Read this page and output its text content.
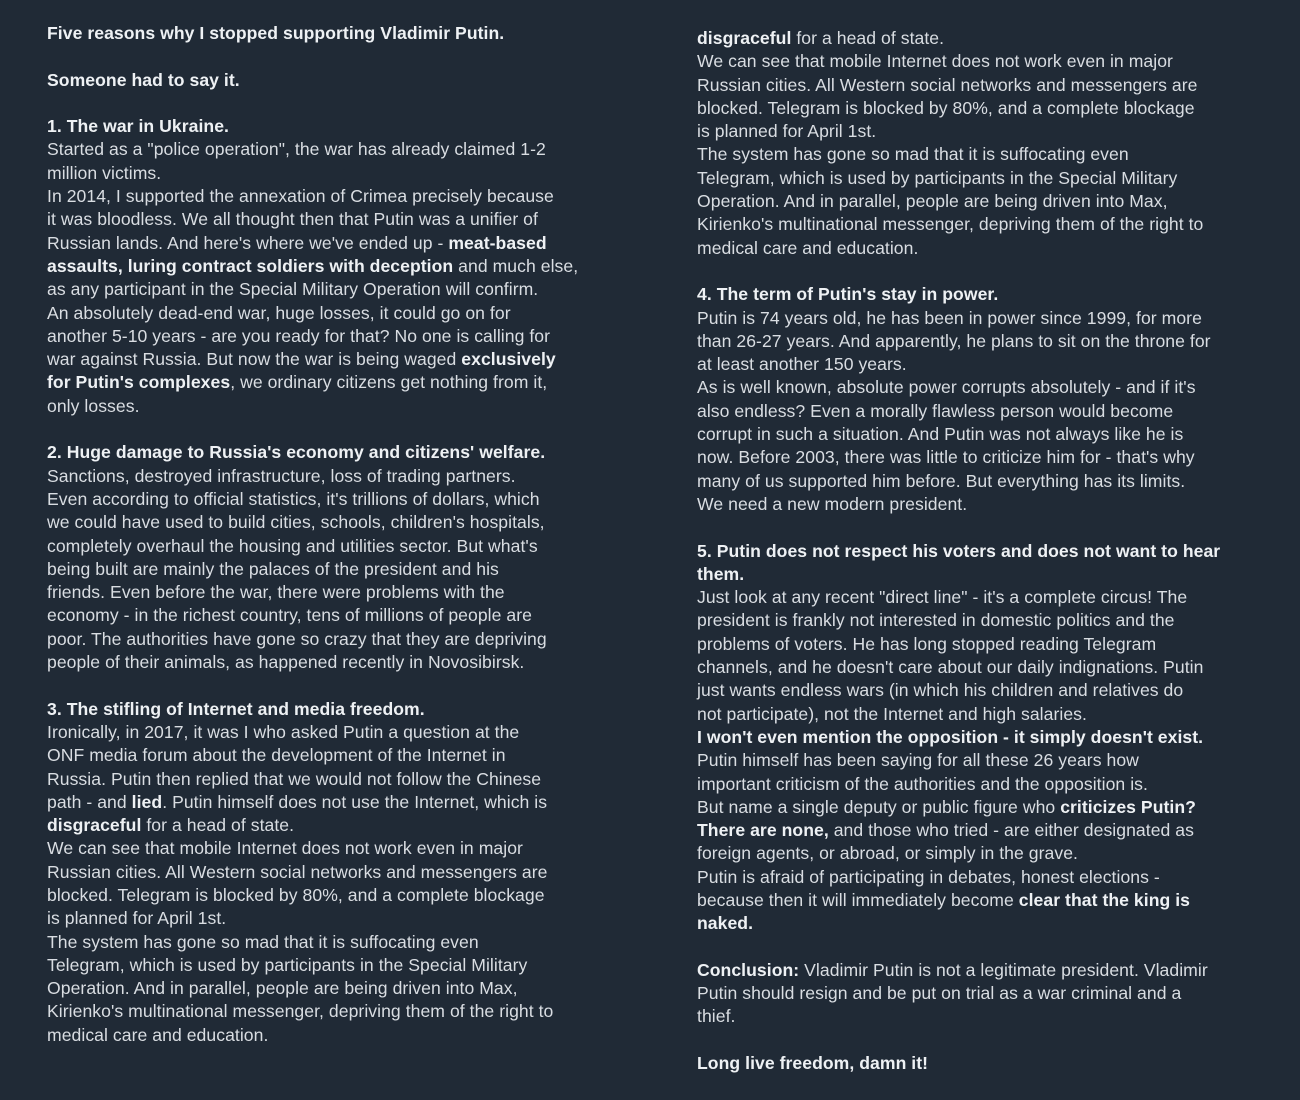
Five reasons why I stopped supporting Vladimir Putin.
Someone had to say it.
1. The war in Ukraine.
Started as a "police operation", the war has already claimed 1-2
million victims.
In 2014, I supported the annexation of Crimea precisely because
it was bloodless. We all thought then that Putin was a unifier of
Russian lands. And here's where we've ended up - meat-based
assaults, luring contract soldiers with deception and much else,
as any participant in the Special Military Operation will confirm.
An absolutely dead-end war, huge losses, it could go on for
another 5-10 years - are you ready for that? No one is calling for
war against Russia. But now the war is being waged exclusively
for Putin's complexes, we ordinary citizens get nothing from it,
only losses.
2. Huge damage to Russia's economy and citizens' welfare.
Sanctions, destroyed infrastructure, loss of trading partners.
Even according to official statistics, it's trillions of dollars, which
we could have used to build cities, schools, children's hospitals,
completely overhaul the housing and utilities sector. But what's
being built are mainly the palaces of the president and his
friends. Even before the war, there were problems with the
economy - in the richest country, tens of millions of people are
poor. The authorities have gone so crazy that they are depriving
people of their animals, as happened recently in Novosibirsk.
3. The stifling of Internet and media freedom.
Ironically, in 2017, it was I who asked Putin a question at the
ONF media forum about the development of the Internet in
Russia. Putin then replied that we would not follow the Chinese
path - and lied. Putin himself does not use the Internet, which is
disgraceful for a head of state.
We can see that mobile Internet does not work even in major
Russian cities. All Western social networks and messengers are
blocked. Telegram is blocked by 80%, and a complete blockage
is planned for April 1st.
The system has gone so mad that it is suffocating even
Telegram, which is used by participants in the Special Military
Operation. And in parallel, people are being driven into Max,
Kirienko's multinational messenger, depriving them of the right to
medical care and education.
disgraceful for a head of state.
We can see that mobile Internet does not work even in major
Russian cities. All Western social networks and messengers are
blocked. Telegram is blocked by 80%, and a complete blockage
is planned for April 1st.
The system has gone so mad that it is suffocating even
Telegram, which is used by participants in the Special Military
Operation. And in parallel, people are being driven into Max,
Kirienko's multinational messenger, depriving them of the right to
medical care and education.
4. The term of Putin's stay in power.
Putin is 74 years old, he has been in power since 1999, for more
than 26-27 years. And apparently, he plans to sit on the throne for
at least another 150 years.
As is well known, absolute power corrupts absolutely - and if it's
also endless? Even a morally flawless person would become
corrupt in such a situation. And Putin was not always like he is
now. Before 2003, there was little to criticize him for - that's why
many of us supported him before. But everything has its limits.
We need a new modern president.
5. Putin does not respect his voters and does not want to hear
them.
Just look at any recent "direct line" - it's a complete circus! The
president is frankly not interested in domestic politics and the
problems of voters. He has long stopped reading Telegram
channels, and he doesn't care about our daily indignations. Putin
just wants endless wars (in which his children and relatives do
not participate), not the Internet and high salaries.
I won't even mention the opposition - it simply doesn't exist.
Putin himself has been saying for all these 26 years how
important criticism of the authorities and the opposition is.
But name a single deputy or public figure who criticizes Putin?
There are none, and those who tried - are either designated as
foreign agents, or abroad, or simply in the grave.
Putin is afraid of participating in debates, honest elections -
because then it will immediately become clear that the king is
naked.
Conclusion: Vladimir Putin is not a legitimate president. Vladimir
Putin should resign and be put on trial as a war criminal and a
thief.
Long live freedom, damn it!
